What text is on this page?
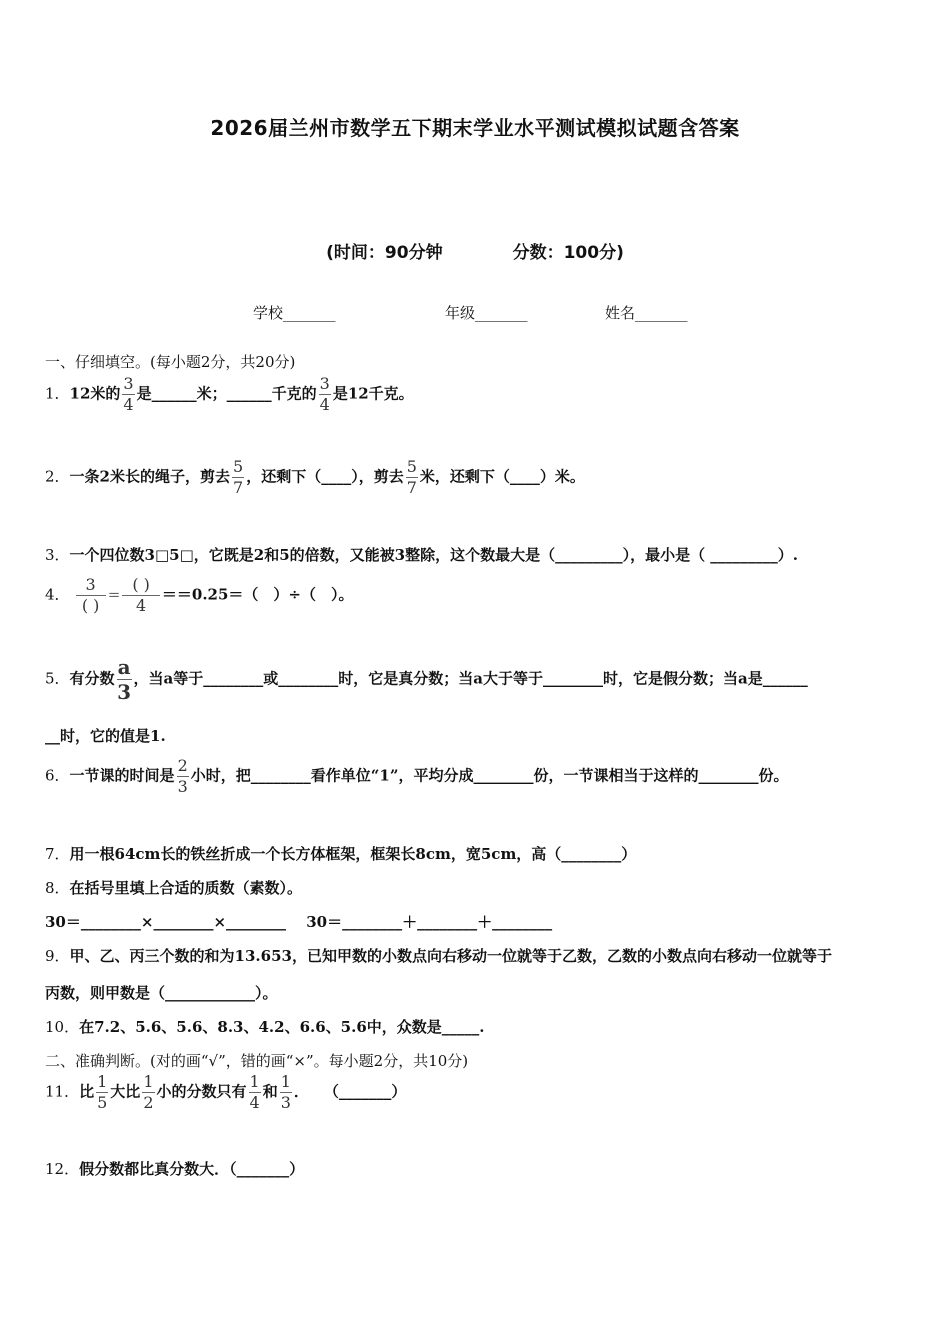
2026届兰州市数学五下期末学业水平测试模拟试题含答案
(时间：90分钟	分数：100分)
学校_______	年级_______	姓名_______
一、仔细填空。(每小题2分，共20分)
1．12米的 $\frac{3}{4}$ 是______米；______千克的 $\frac{3}{4}$ 是12千克。
2．一条2米长的绳子，剪去 $\frac{5}{7}$ ，还剩下（____），剪去 $\frac{5}{7}$ 米，还剩下（____）米。
3．一个四位数3□5□，它既是2和5的倍数，又能被3整除，这个数最大是（_________），最小是（ _________）.
4． $\frac{3}{( )} = \frac{( )}{4} ==0.25=$（　）÷（　）。
5．有分数 $\frac{a}{3}$ ，当a等于________或________时，它是真分数；当a大于等于________时，它是假分数；当a是______
__时，它的值是1.
6．一节课的时间是 $\frac{2}{3}$ 小时，把________看作单位“1”，平均分成________份，一节课相当于这样的________份。
7．用一根64cm长的铁丝折成一个长方体框架，框架长8cm，宽5cm，高（________）
8．在括号里填上合适的质数（素数）。
30＝________×________×________　 30＝________＋________＋________
9．甲、乙、丙三个数的和为13.653，已知甲数的小数点向右移动一位就等于乙数，乙数的小数点向右移动一位就等于
丙数，则甲数是（____________）。
10．在7.2、5.6、5.6、8.3、4.2、6.6、5.6中，众数是_____.
二、准确判断。(对的画“√”，错的画“×”。每小题2分，共10分)
11．比 $\frac{1}{5}$ 大比 $\frac{1}{2}$ 小的分数只有 $\frac{1}{4}$ 和 $\frac{1}{3}$ ．　　（_______）
12．假分数都比真分数大．（_______）
